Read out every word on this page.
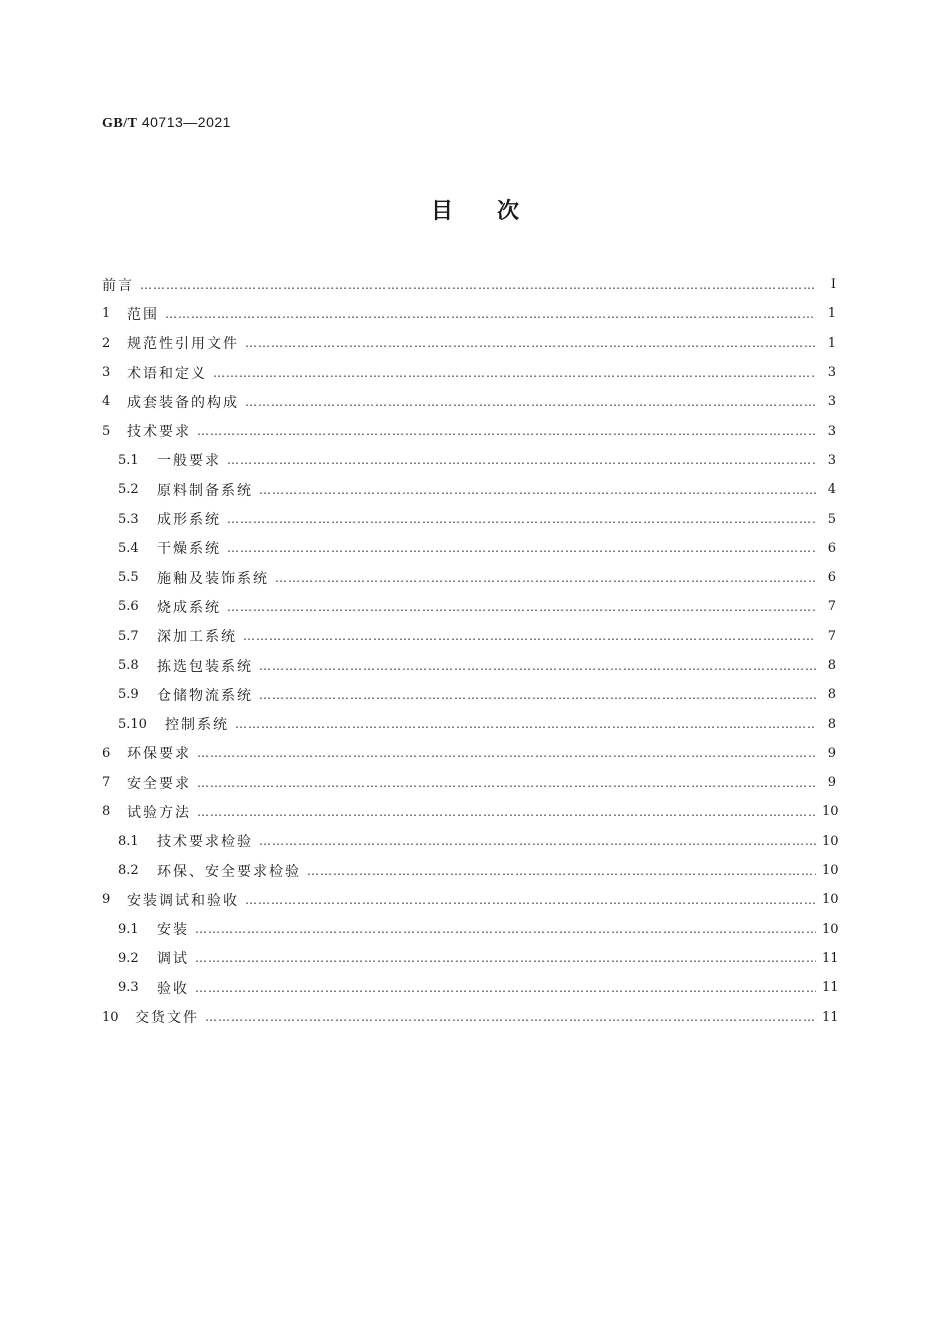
GB/T 40713—2021
目 次
前言 …………………………………………………………………………………………………………………………………………………………………………………………………………	Ⅰ
1	范围 …………………………………………………………………………………………………………………………………………………………………………………………………………	1
2	规范性引用文件 …………………………………………………………………………………………………………………………………………………………………………………………………………	1
3	术语和定义 …………………………………………………………………………………………………………………………………………………………………………………………………………	3
4	成套装备的构成 …………………………………………………………………………………………………………………………………………………………………………………………………………	3
5	技术要求 …………………………………………………………………………………………………………………………………………………………………………………………………………	3
5.1	一般要求 …………………………………………………………………………………………………………………………………………………………………………………………………………	3
5.2	原料制备系统 …………………………………………………………………………………………………………………………………………………………………………………………………………	4
5.3	成形系统 …………………………………………………………………………………………………………………………………………………………………………………………………………	5
5.4	干燥系统 …………………………………………………………………………………………………………………………………………………………………………………………………………	6
5.5	施釉及装饰系统 …………………………………………………………………………………………………………………………………………………………………………………………………………	6
5.6	烧成系统 …………………………………………………………………………………………………………………………………………………………………………………………………………	7
5.7	深加工系统 …………………………………………………………………………………………………………………………………………………………………………………………………………	7
5.8	拣选包装系统 …………………………………………………………………………………………………………………………………………………………………………………………………………	8
5.9	仓储物流系统 …………………………………………………………………………………………………………………………………………………………………………………………………………	8
5.10	控制系统 …………………………………………………………………………………………………………………………………………………………………………………………………………	8
6	环保要求 …………………………………………………………………………………………………………………………………………………………………………………………………………	9
7	安全要求 …………………………………………………………………………………………………………………………………………………………………………………………………………	9
8	试验方法 …………………………………………………………………………………………………………………………………………………………………………………………………………	10
8.1	技术要求检验 …………………………………………………………………………………………………………………………………………………………………………………………………………	10
8.2	环保、安全要求检验 …………………………………………………………………………………………………………………………………………………………………………………………………………	10
9	安装调试和验收 …………………………………………………………………………………………………………………………………………………………………………………………………………	10
9.1	安装 …………………………………………………………………………………………………………………………………………………………………………………………………………	10
9.2	调试 …………………………………………………………………………………………………………………………………………………………………………………………………………	11
9.3	验收 …………………………………………………………………………………………………………………………………………………………………………………………………………	11
10	交货文件 …………………………………………………………………………………………………………………………………………………………………………………………………………	11
